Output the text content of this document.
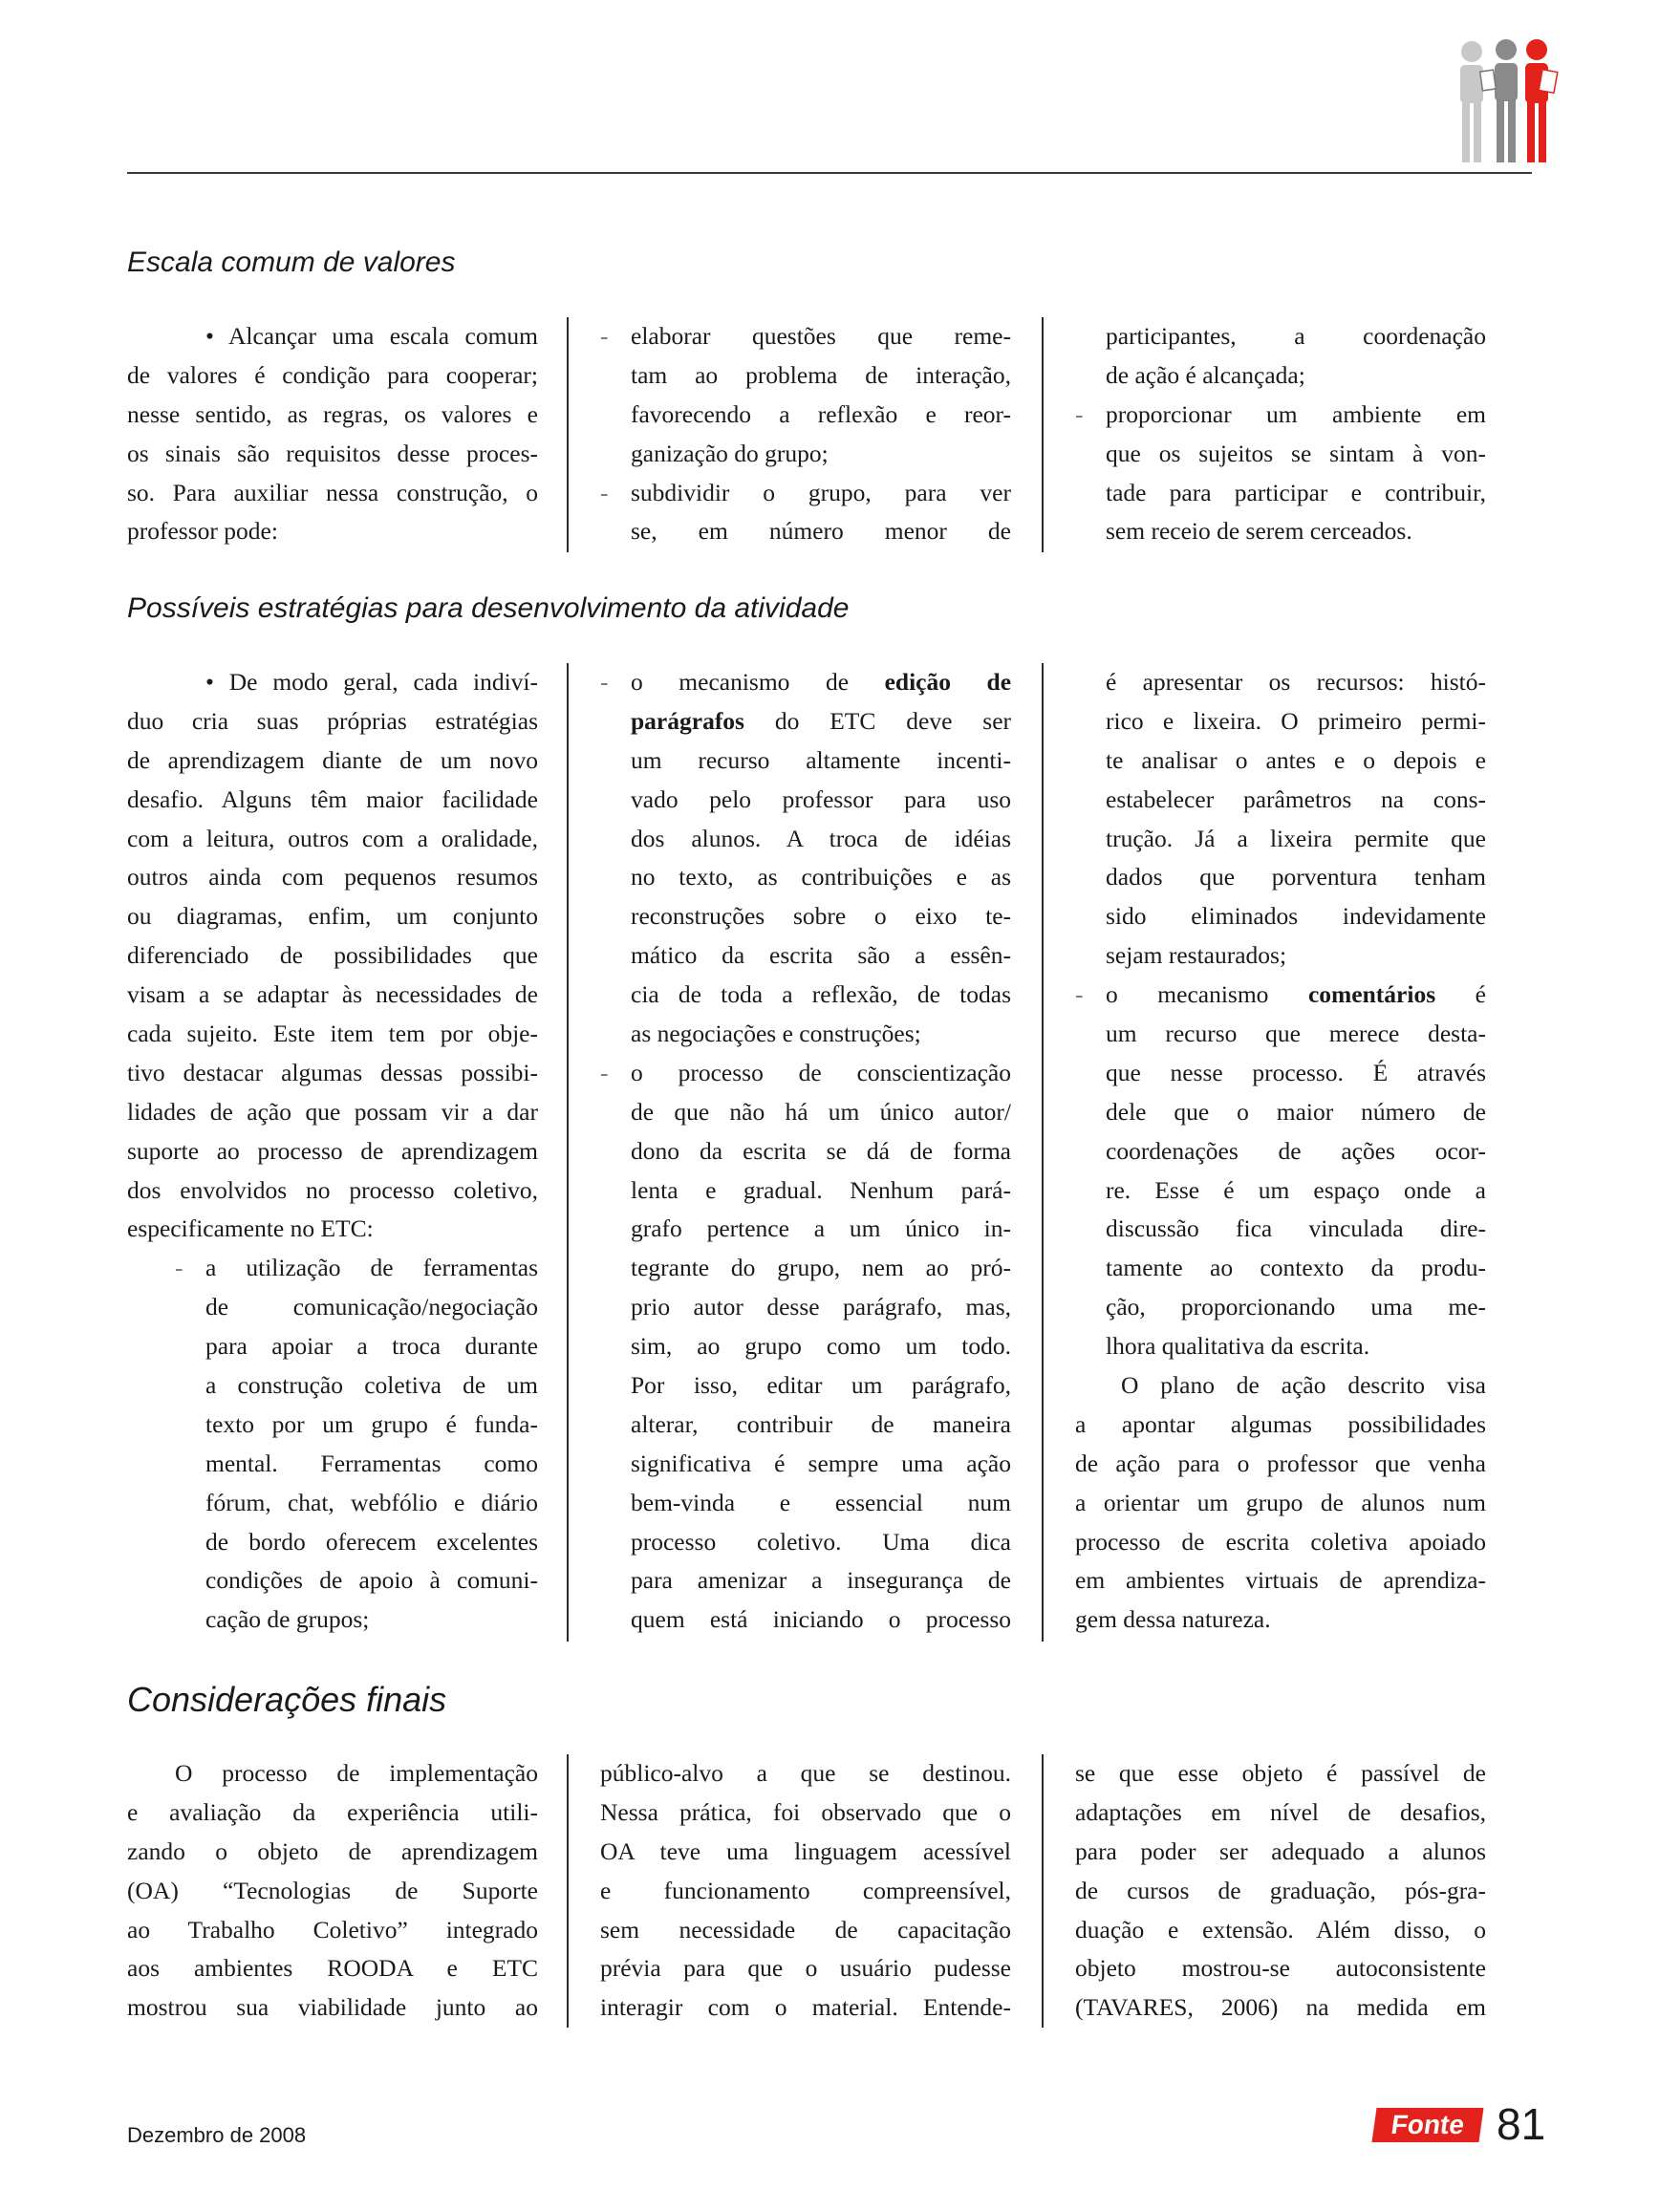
Escala comum de valores
• Alcançar uma escala comum
de valores é condição para cooperar;
nesse sentido, as regras, os valores e
os sinais são requisitos desse proces-
so. Para auxiliar nessa construção, o
professor pode:
- elaborar questões que reme-
tam ao problema de interação,
favorecendo a reflexão e reor-
ganização do grupo;
- subdividir o grupo, para ver
se, em número menor de
participantes, a coordenação
de ação é alcançada;
- proporcionar um ambiente em
que os sujeitos se sintam à von-
tade para participar e contribuir,
sem receio de serem cerceados.
Possíveis estratégias para desenvolvimento da atividade
• De modo geral, cada indiví-
duo cria suas próprias estratégias
de aprendizagem diante de um novo
desafio. Alguns têm maior facilidade
com a leitura, outros com a oralidade,
outros ainda com pequenos resumos
ou diagramas, enfim, um conjunto
diferenciado de possibilidades que
visam a se adaptar às necessidades de
cada sujeito. Este item tem por obje-
tivo destacar algumas dessas possibi-
lidades de ação que possam vir a dar
suporte ao processo de aprendizagem
dos envolvidos no processo coletivo,
especificamente no ETC:
- a utilização de ferramentas
de comunicação/negociação
para apoiar a troca durante
a construção coletiva de um
texto por um grupo é funda-
mental. Ferramentas como
fórum, chat, webfólio e diário
de bordo oferecem excelentes
condições de apoio à comuni-
cação de grupos;
- o mecanismo de edição de
parágrafos do ETC deve ser
um recurso altamente incenti-
vado pelo professor para uso
dos alunos. A troca de idéias
no texto, as contribuições e as
reconstruções sobre o eixo te-
mático da escrita são a essên-
cia de toda a reflexão, de todas
as negociações e construções;
- o processo de conscientização
de que não há um único autor/
dono da escrita se dá de forma
lenta e gradual. Nenhum pará-
grafo pertence a um único in-
tegrante do grupo, nem ao pró-
prio autor desse parágrafo, mas,
sim, ao grupo como um todo.
Por isso, editar um parágrafo,
alterar, contribuir de maneira
significativa é sempre uma ação
bem-vinda e essencial num
processo coletivo. Uma dica
para amenizar a insegurança de
quem está iniciando o processo
é apresentar os recursos: histó-
rico e lixeira. O primeiro permi-
te analisar o antes e o depois e
estabelecer parâmetros na cons-
trução. Já a lixeira permite que
dados que porventura tenham
sido eliminados indevidamente
sejam restaurados;
- o mecanismo comentários é
um recurso que merece desta-
que nesse processo. É através
dele que o maior número de
coordenações de ações ocor-
re. Esse é um espaço onde a
discussão fica vinculada dire-
tamente ao contexto da produ-
ção, proporcionando uma me-
lhora qualitativa da escrita.
O plano de ação descrito visa
a apontar algumas possibilidades
de ação para o professor que venha
a orientar um grupo de alunos num
processo de escrita coletiva apoiado
em ambientes virtuais de aprendiza-
gem dessa natureza.
Considerações finais
O processo de implementação
e avaliação da experiência utili-
zando o objeto de aprendizagem
(OA) “Tecnologias de Suporte
ao Trabalho Coletivo” integrado
aos ambientes ROODA e ETC
mostrou sua viabilidade junto ao
público-alvo a que se destinou.
Nessa prática, foi observado que o
OA teve uma linguagem acessível
e funcionamento compreensível,
sem necessidade de capacitação
prévia para que o usuário pudesse
interagir com o material. Entende-
se que esse objeto é passível de
adaptações em nível de desafios,
para poder ser adequado a alunos
de cursos de graduação, pós-gra-
duação e extensão. Além disso, o
objeto mostrou-se autoconsistente
(TAVARES, 2006) na medida em
Dezembro de 2008	Fonte 81
